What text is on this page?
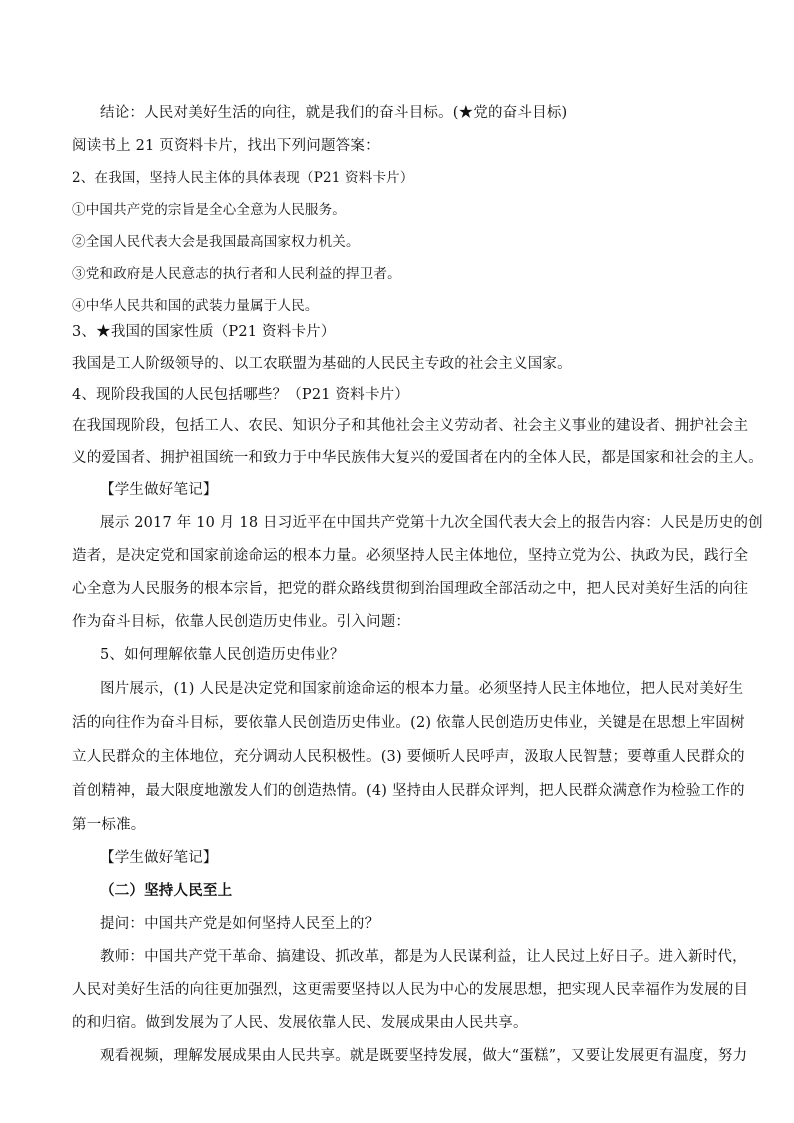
结论：人民对美好生活的向往，就是我们的奋斗目标。(★党的奋斗目标)
阅读书上 21 页资料卡片，找出下列问题答案：
2、在我国，坚持人民主体的具体表现（P21 资料卡片）
①中国共产党的宗旨是全心全意为人民服务。
②全国人民代表大会是我国最高国家权力机关。
③党和政府是人民意志的执行者和人民利益的捍卫者。
④中华人民共和国的武装力量属于人民。
3、★我国的国家性质（P21 资料卡片）
我国是工人阶级领导的、以工农联盟为基础的人民民主专政的社会主义国家。
4、现阶段我国的人民包括哪些？（P21 资料卡片）
在我国现阶段，包括工人、农民、知识分子和其他社会主义劳动者、社会主义事业的建设者、拥护社会主
义的爱国者、拥护祖国统一和致力于中华民族伟大复兴的爱国者在内的全体人民，都是国家和社会的主人。
【学生做好笔记】
展示 2017 年 10 月 18 日习近平在中国共产党第十九次全国代表大会上的报告内容：人民是历史的创
造者，是决定党和国家前途命运的根本力量。必须坚持人民主体地位，坚持立党为公、执政为民，践行全
心全意为人民服务的根本宗旨，把党的群众路线贯彻到治国理政全部活动之中，把人民对美好生活的向往
作为奋斗目标，依靠人民创造历史伟业。引入问题：
5、如何理解依靠人民创造历史伟业？
图片展示，(1) 人民是决定党和国家前途命运的根本力量。必须坚持人民主体地位，把人民对美好生
活的向往作为奋斗目标，要依靠人民创造历史伟业。(2) 依靠人民创造历史伟业，关键是在思想上牢固树
立人民群众的主体地位，充分调动人民积极性。(3) 要倾听人民呼声，汲取人民智慧；要尊重人民群众的
首创精神，最大限度地激发人们的创造热情。(4) 坚持由人民群众评判，把人民群众满意作为检验工作的
第一标准。
【学生做好笔记】
（二）坚持人民至上
提问：中国共产党是如何坚持人民至上的？
教师：中国共产党干革命、搞建设、抓改革，都是为人民谋利益，让人民过上好日子。进入新时代，
人民对美好生活的向往更加强烈，这更需要坚持以人民为中心的发展思想，把实现人民幸福作为发展的目
的和归宿。做到发展为了人民、发展依靠人民、发展成果由人民共享。
观看视频，理解发展成果由人民共享。就是既要坚持发展，做大“蛋糕”，又要让发展更有温度，努力
